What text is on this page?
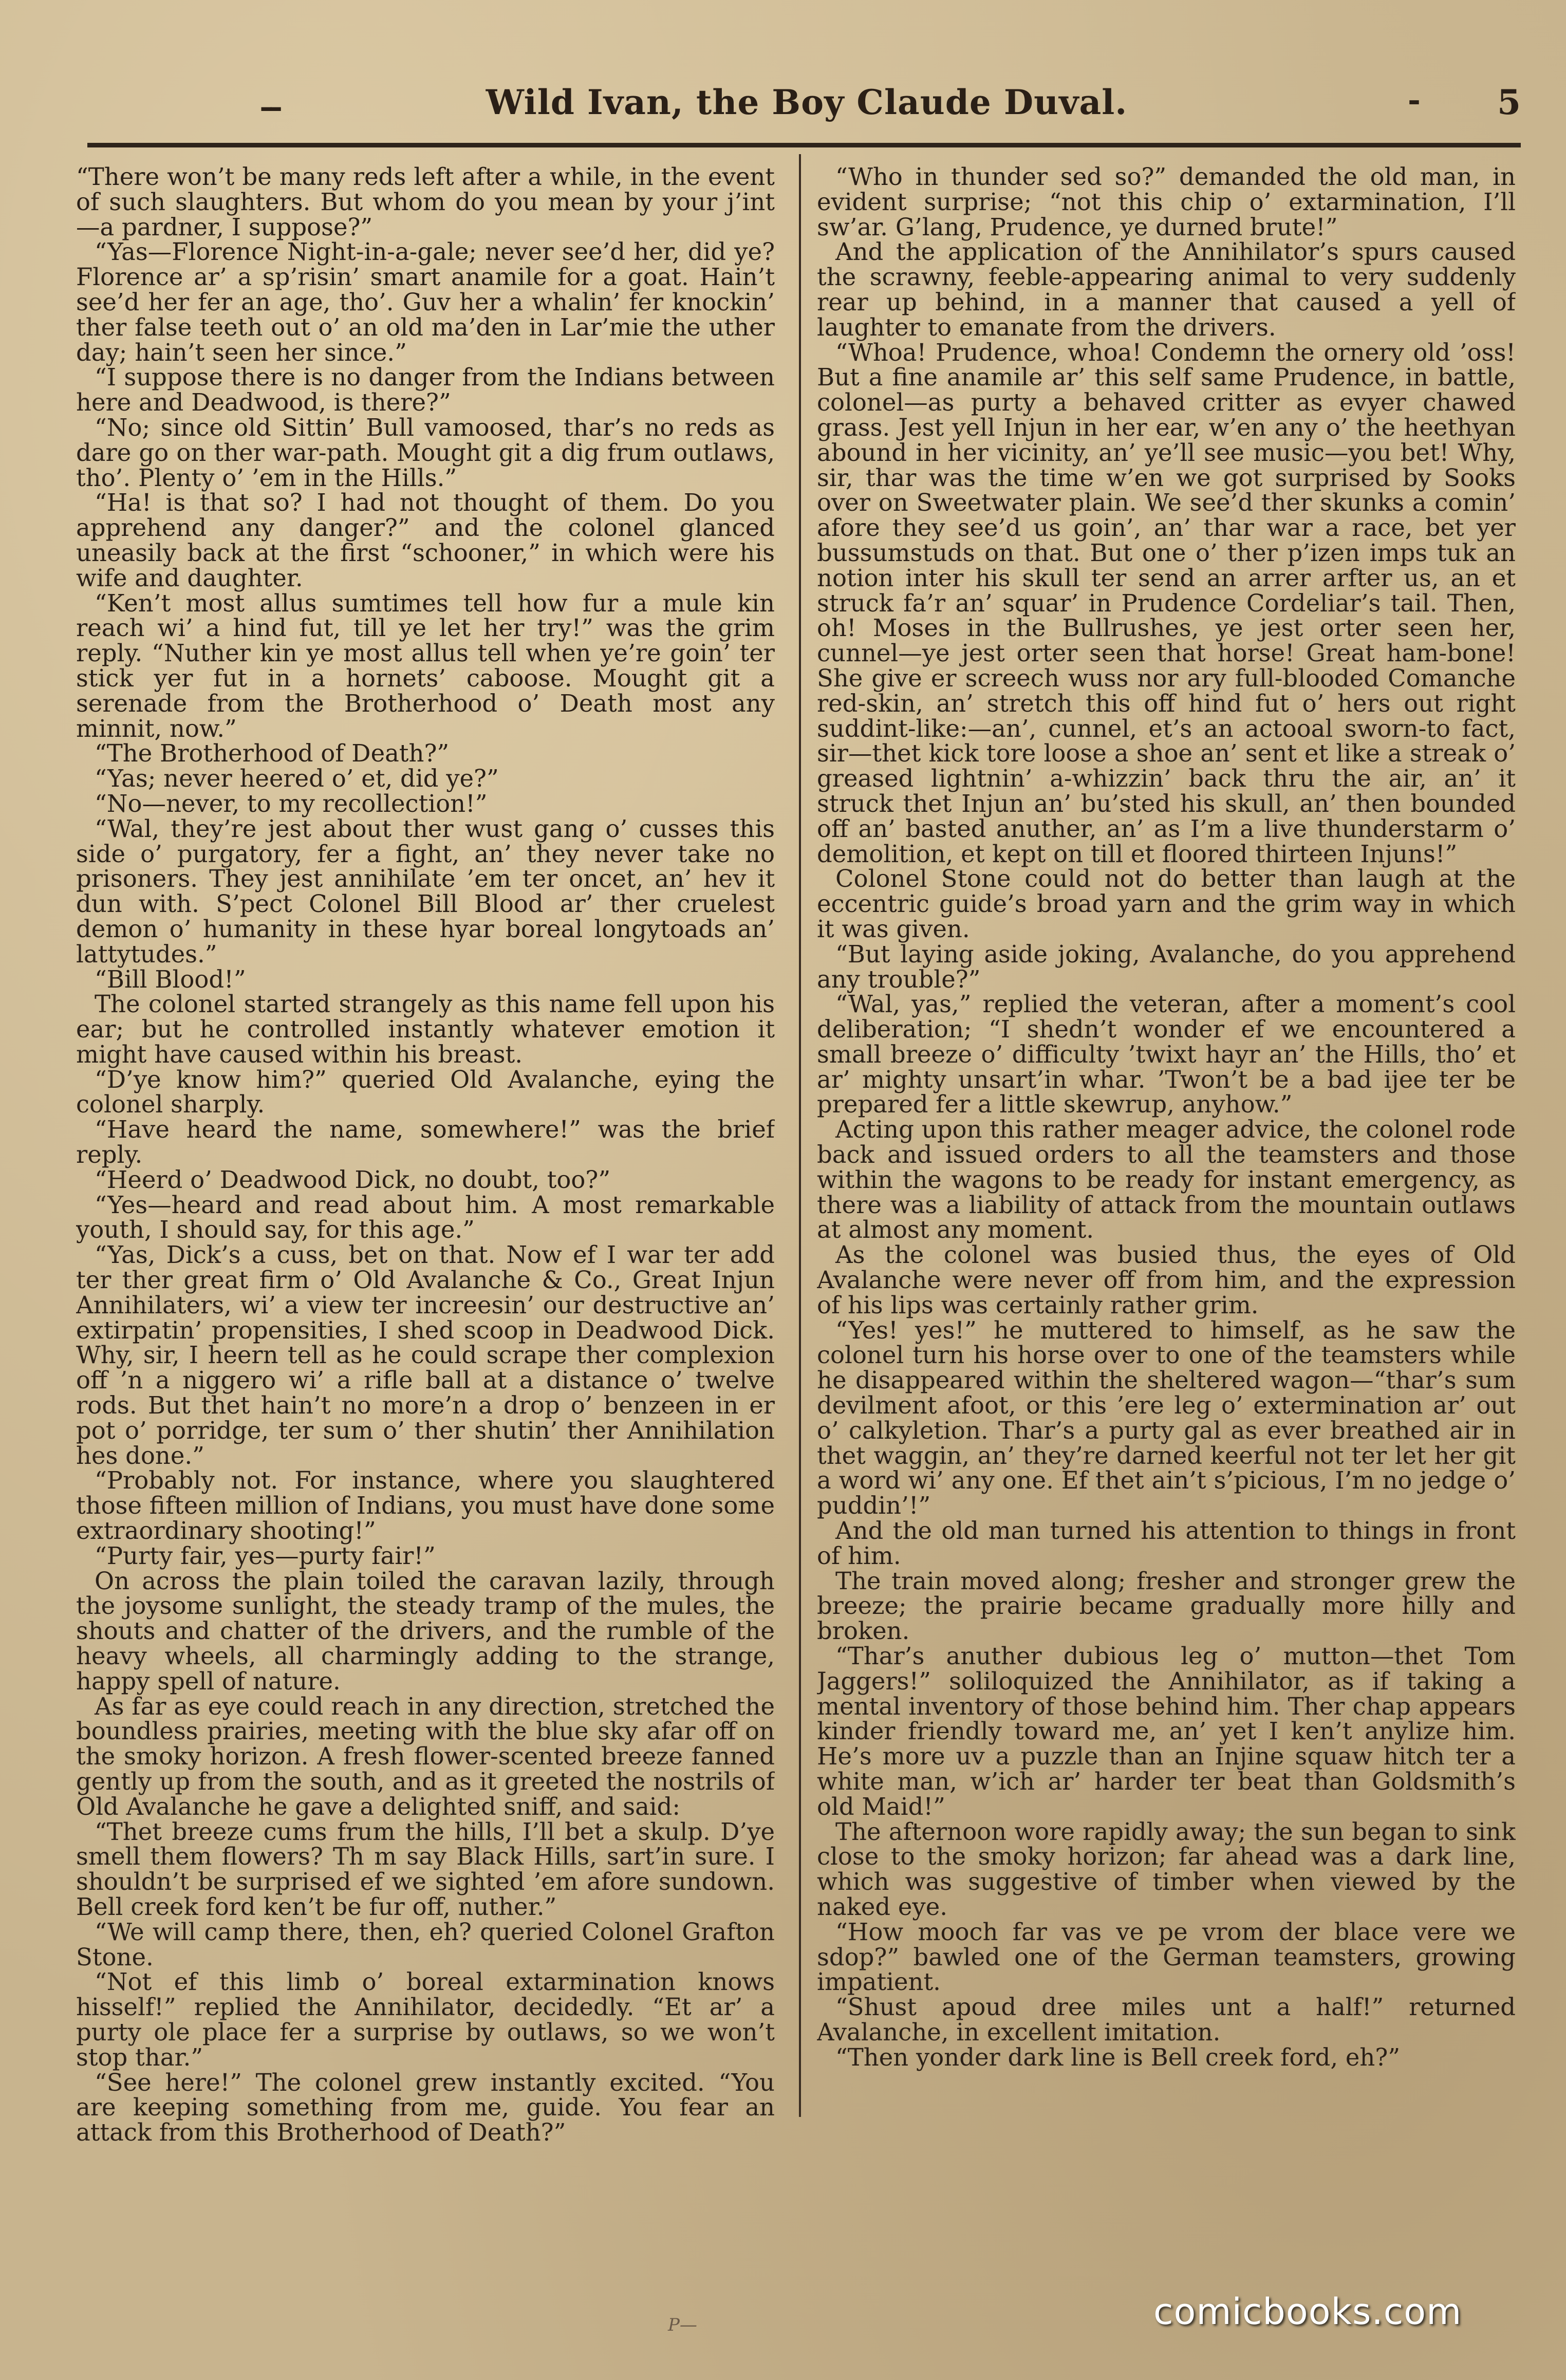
ــ	Wild Ivan, the Boy Claude Duval.	- 5

“There won’t be many reds left after a while, in the event of such slaughters. But whom do you mean by your j’int—a pardner, I suppose?”

“Yas—Florence Night-in-a-gale; never see’d her, did ye? Florence ar’ a sp’risin’ smart anamile for a goat. Hain’t see’d her fer an age, tho’. Guv her a whalin’ fer knockin’ ther false teeth out o’ an old ma’den in Lar’mie the uther day; hain’t seen her since.”

“I suppose there is no danger from the Indians between here and Deadwood, is there?”

“No; since old Sittin’ Bull vamoosed, thar’s no reds as dare go on ther war-path. Mought git a dig frum outlaws, tho’. Plenty o’ ’em in the Hills.”

“Ha! is that so? I had not thought of them. Do you apprehend any danger?” and the colonel glanced uneasily back at the first “schooner,” in which were his wife and daughter.

“Ken’t most allus sumtimes tell how fur a mule kin reach wi’ a hind fut, till ye let her try!” was the grim reply. “Nuther kin ye most allus tell when ye’re goin’ ter stick yer fut in a hornets’ caboose. Mought git a serenade from the Brotherhood o’ Death most any minnit, now.”

“The Brotherhood of Death?”

“Yas; never heered o’ et, did ye?”

“No—never, to my recollection!”

“Wal, they’re jest about ther wust gang o’ cusses this side o’ purgatory, fer a fight, an’ they never take no prisoners. They jest annihilate ’em ter oncet, an’ hev it dun with. S’pect Colonel Bill Blood ar’ ther cruelest demon o’ humanity in these hyar boreal longytoads an’ lattytudes.”

“Bill Blood!”

The colonel started strangely as this name fell upon his ear; but he controlled instantly whatever emotion it might have caused within his breast.

“D’ye know him?” queried Old Avalanche, eying the colonel sharply.

“Have heard the name, somewhere!” was the brief reply.

“Heerd o’ Deadwood Dick, no doubt, too?”

“Yes—heard and read about him. A most remarkable youth, I should say, for this age.”

“Yas, Dick’s a cuss, bet on that. Now ef I war ter add ter ther great firm o’ Old Avalanche & Co., Great Injun Annihilaters, wi’ a view ter increesin’ our destructive an’ extirpatin’ propensities, I shed scoop in Deadwood Dick. Why, sir, I heern tell as he could scrape ther complexion off ’n a niggero wi’ a rifle ball at a distance o’ twelve rods. But thet hain’t no more’n a drop o’ benzeen in er pot o’ porridge, ter sum o’ ther shutin’ ther Annihilation hes done.”

“Probably not. For instance, where you slaughtered those fifteen million of Indians, you must have done some extraordinary shooting!”

“Purty fair, yes—purty fair!”

On across the plain toiled the caravan lazily, through the joysome sunlight, the steady tramp of the mules, the shouts and chatter of the drivers, and the rumble of the heavy wheels, all charmingly adding to the strange, happy spell of nature.

As far as eye could reach in any direction, stretched the boundless prairies, meeting with the blue sky afar off on the smoky horizon. A fresh flower-scented breeze fanned gently up from the south, and as it greeted the nostrils of Old Avalanche he gave a delighted sniff, and said:

“Thet breeze cums frum the hills, I’ll bet a skulp. D’ye smell them flowers? Th m say Black Hills, sart’in sure. I shouldn’t be surprised ef we sighted ’em afore sundown. Bell creek ford ken’t be fur off, nuther.”

“We will camp there, then, eh? queried Colonel Grafton Stone.

“Not ef this limb o’ boreal extarmination knows hisself!” replied the Annihilator, decidedly. “Et ar’ a purty ole place fer a surprise by outlaws, so we won’t stop thar.”

“See here!” The colonel grew instantly excited. “You are keeping something from me, guide. You fear an attack from this Brotherhood of Death?”

“Who in thunder sed so?” demanded the old man, in evident surprise; “not this chip o’ extarmination, I’ll sw’ar. G’lang, Prudence, ye durned brute!”

And the application of the Annihilator’s spurs caused the scrawny, feeble-appearing animal to very suddenly rear up behind, in a manner that caused a yell of laughter to emanate from the drivers.

“Whoa! Prudence, whoa! Condemn the ornery old ’oss! But a fine anamile ar’ this self same Prudence, in battle, colonel—as purty a behaved critter as evyer chawed grass. Jest yell Injun in her ear, w’en any o’ the heethyan abound in her vicinity, an’ ye’ll see music—you bet! Why, sir, thar was the time w’en we got surprised by Sooks over on Sweetwater plain. We see’d ther skunks a comin’ afore they see’d us goin’, an’ thar war a race, bet yer bussumstuds on that. But one o’ ther p’izen imps tuk an notion inter his skull ter send an arrer arfter us, an et struck fa’r an’ squar’ in Prudence Cordeliar’s tail. Then, oh! Moses in the Bullrushes, ye jest orter seen her, cunnel—ye jest orter seen that horse! Great ham-bone! She give er screech wuss nor ary full-blooded Comanche red-skin, an’ stretch this off hind fut o’ hers out right suddint-like:—an’, cunnel, et’s an actooal sworn-to fact, sir—thet kick tore loose a shoe an’ sent et like a streak o’ greased lightnin’ a-whizzin’ back thru the air, an’ it struck thet Injun an’ bu’sted his skull, an’ then bounded off an’ basted anuther, an’ as I’m a live thunderstarm o’ demolition, et kept on till et floored thirteen Injuns!”

Colonel Stone could not do better than laugh at the eccentric guide’s broad yarn and the grim way in which it was given.

“But laying aside joking, Avalanche, do you apprehend any trouble?”

“Wal, yas,” replied the veteran, after a moment’s cool deliberation; “I shedn’t wonder ef we encountered a small breeze o’ difficulty ’twixt hayr an’ the Hills, tho’ et ar’ mighty unsart’in whar. ’Twon’t be a bad ijee ter be prepared fer a little skewrup, anyhow.”

Acting upon this rather meager advice, the colonel rode back and issued orders to all the teamsters and those within the wagons to be ready for instant emergency, as there was a liability of attack from the mountain outlaws at almost any moment.

As the colonel was busied thus, the eyes of Old Avalanche were never off from him, and the expression of his lips was certainly rather grim.

“Yes! yes!” he muttered to himself, as he saw the colonel turn his horse over to one of the teamsters while he disappeared within the sheltered wagon—“thar’s sum devilment afoot, or this ’ere leg o’ extermination ar’ out o’ calkyletion. Thar’s a purty gal as ever breathed air in thet waggin, an’ they’re darned keerful not ter let her git a word wi’ any one. Ef thet ain’t s’picious, I’m no jedge o’ puddin’!”

And the old man turned his attention to things in front of him.

The train moved along; fresher and stronger grew the breeze; the prairie became gradually more hilly and broken.

“Thar’s anuther dubious leg o’ mutton—thet Tom Jaggers!” soliloquized the Annihilator, as if taking a mental inventory of those behind him. Ther chap appears kinder friendly toward me, an’ yet I ken’t anylize him. He’s more uv a puzzle than an Injine squaw hitch ter a white man, w’ich ar’ harder ter beat than Goldsmith’s old Maid!”

The afternoon wore rapidly away; the sun began to sink close to the smoky horizon; far ahead was a dark line, which was suggestive of timber when viewed by the naked eye.

“How mooch far vas ve pe vrom der blace vere we sdop?” bawled one of the German teamsters, growing impatient.

“Shust apoud dree miles unt a half!” returned Avalanche, in excellent imitation.

“Then yonder dark line is Bell creek ford, eh?”

P—	comicbooks.com
